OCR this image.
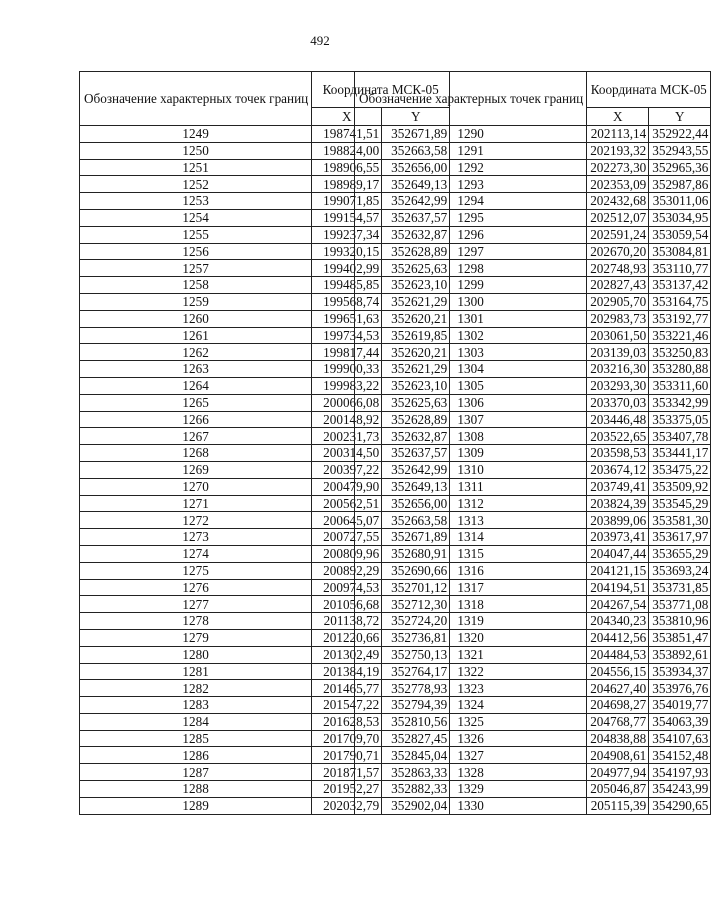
492
Обозначение характерных точек границ	Координата МСК-05	
	X	Y
1249	198741,51	352671,89
1250	198824,00	352663,58
1251	198906,55	352656,00
1252	198989,17	352649,13
1253	199071,85	352642,99
1254	199154,57	352637,57
1255	199237,34	352632,87
1256	199320,15	352628,89
1257	199402,99	352625,63
1258	199485,85	352623,10
1259	199568,74	352621,29
1260	199651,63	352620,21
1261	199734,53	352619,85
1262	199817,44	352620,21
1263	199900,33	352621,29
1264	199983,22	352623,10
1265	200066,08	352625,63
1266	200148,92	352628,89
1267	200231,73	352632,87
1268	200314,50	352637,57
1269	200397,22	352642,99
1270	200479,90	352649,13
1271	200562,51	352656,00
1272	200645,07	352663,58
1273	200727,55	352671,89
1274	200809,96	352680,91
1275	200892,29	352690,66
1276	200974,53	352701,12
1277	201056,68	352712,30
1278	201138,72	352724,20
1279	201220,66	352736,81
1280	201302,49	352750,13
1281	201384,19	352764,17
1282	201465,77	352778,93
1283	201547,22	352794,39
1284	201628,53	352810,56
1285	201709,70	352827,45
1286	201790,71	352845,04
1287	201871,57	352863,33
1288	201952,27	352882,33
1289	202032,79	352902,04
Обозначение характерных точек границ	Координата МСК-05	
	X	Y
1290	202113,14	352922,44
1291	202193,32	352943,55
1292	202273,30	352965,36
1293	202353,09	352987,86
1294	202432,68	353011,06
1295	202512,07	353034,95
1296	202591,24	353059,54
1297	202670,20	353084,81
1298	202748,93	353110,77
1299	202827,43	353137,42
1300	202905,70	353164,75
1301	202983,73	353192,77
1302	203061,50	353221,46
1303	203139,03	353250,83
1304	203216,30	353280,88
1305	203293,30	353311,60
1306	203370,03	353342,99
1307	203446,48	353375,05
1308	203522,65	353407,78
1309	203598,53	353441,17
1310	203674,12	353475,22
1311	203749,41	353509,92
1312	203824,39	353545,29
1313	203899,06	353581,30
1314	203973,41	353617,97
1315	204047,44	353655,29
1316	204121,15	353693,24
1317	204194,51	353731,85
1318	204267,54	353771,08
1319	204340,23	353810,96
1320	204412,56	353851,47
1321	204484,53	353892,61
1322	204556,15	353934,37
1323	204627,40	353976,76
1324	204698,27	354019,77
1325	204768,77	354063,39
1326	204838,88	354107,63
1327	204908,61	354152,48
1328	204977,94	354197,93
1329	205046,87	354243,99
1330	205115,39	354290,65
